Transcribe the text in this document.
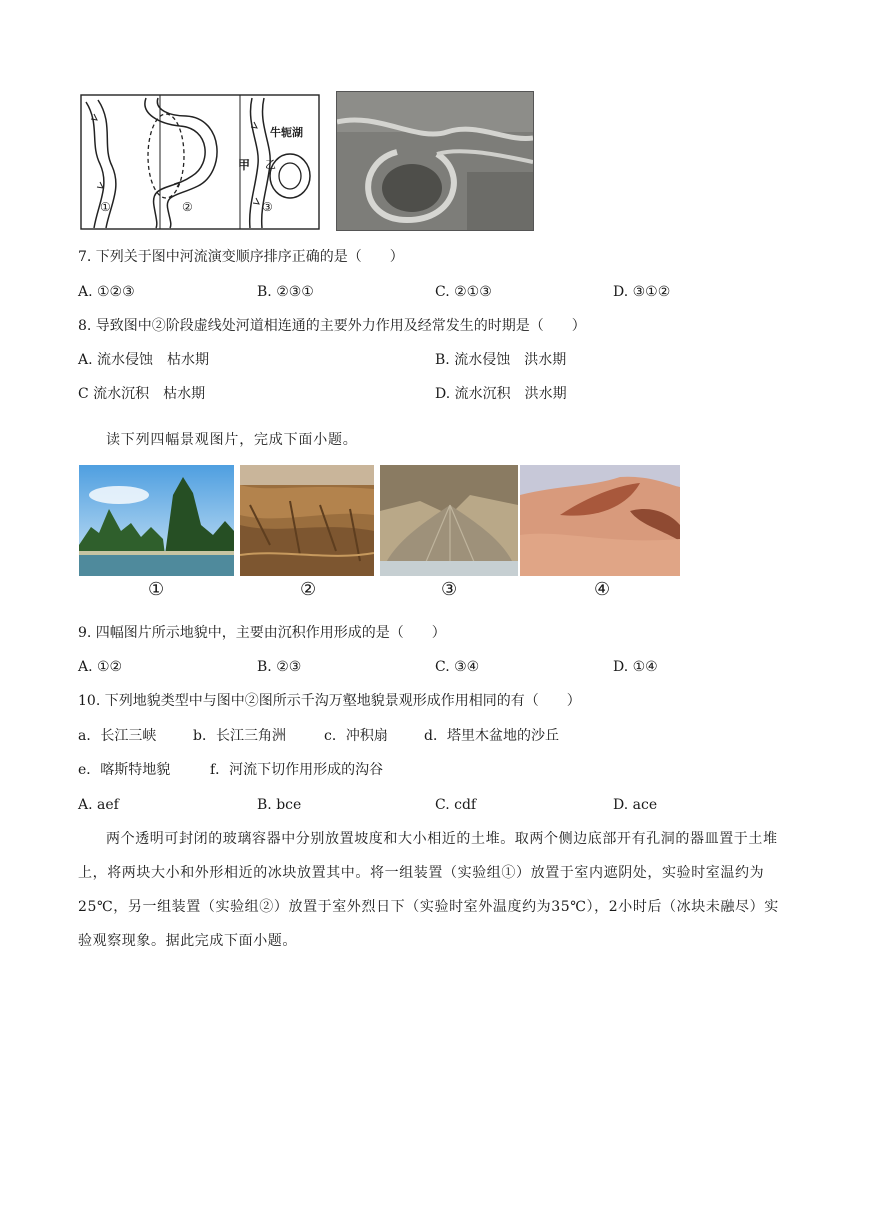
①	②	③
甲 乙
牛轭湖
7. 下列关于图中河流演变顺序排序正确的是（　　）
A. ①②③	B. ②③①	C. ②①③	D. ③①②
8. 导致图中②阶段虚线处河道相连通的主要外力作用及经常发生的时期是（　　）
A. 流水侵蚀　枯水期	B. 流水侵蚀　洪水期
C 流水沉积　枯水期	D. 流水沉积　洪水期
读下列四幅景观图片，完成下面小题。
①	②	③	④
9. 四幅图片所示地貌中，主要由沉积作用形成的是（　　）
A. ①②	B. ②③	C. ③④	D. ①④
10. 下列地貌类型中与图中②图所示千沟万壑地貌景观形成作用相同的有（　　）
a．长江三峡	b．长江三角洲	c．冲积扇	d．塔里木盆地的沙丘
e．喀斯特地貌	f．河流下切作用形成的沟谷
A. aef	B. bce	C. cdf	D. ace
两个透明可封闭的玻璃容器中分别放置坡度和大小相近的土堆。取两个侧边底部开有孔洞的器皿置于土堆上，将两块大小和外形相近的冰块放置其中。将一组装置（实验组①）放置于室内遮阴处，实验时室温约为25℃，另一组装置（实验组②）放置于室外烈日下（实验时室外温度约为35℃），2小时后（冰块未融尽）实验观察现象。据此完成下面小题。
